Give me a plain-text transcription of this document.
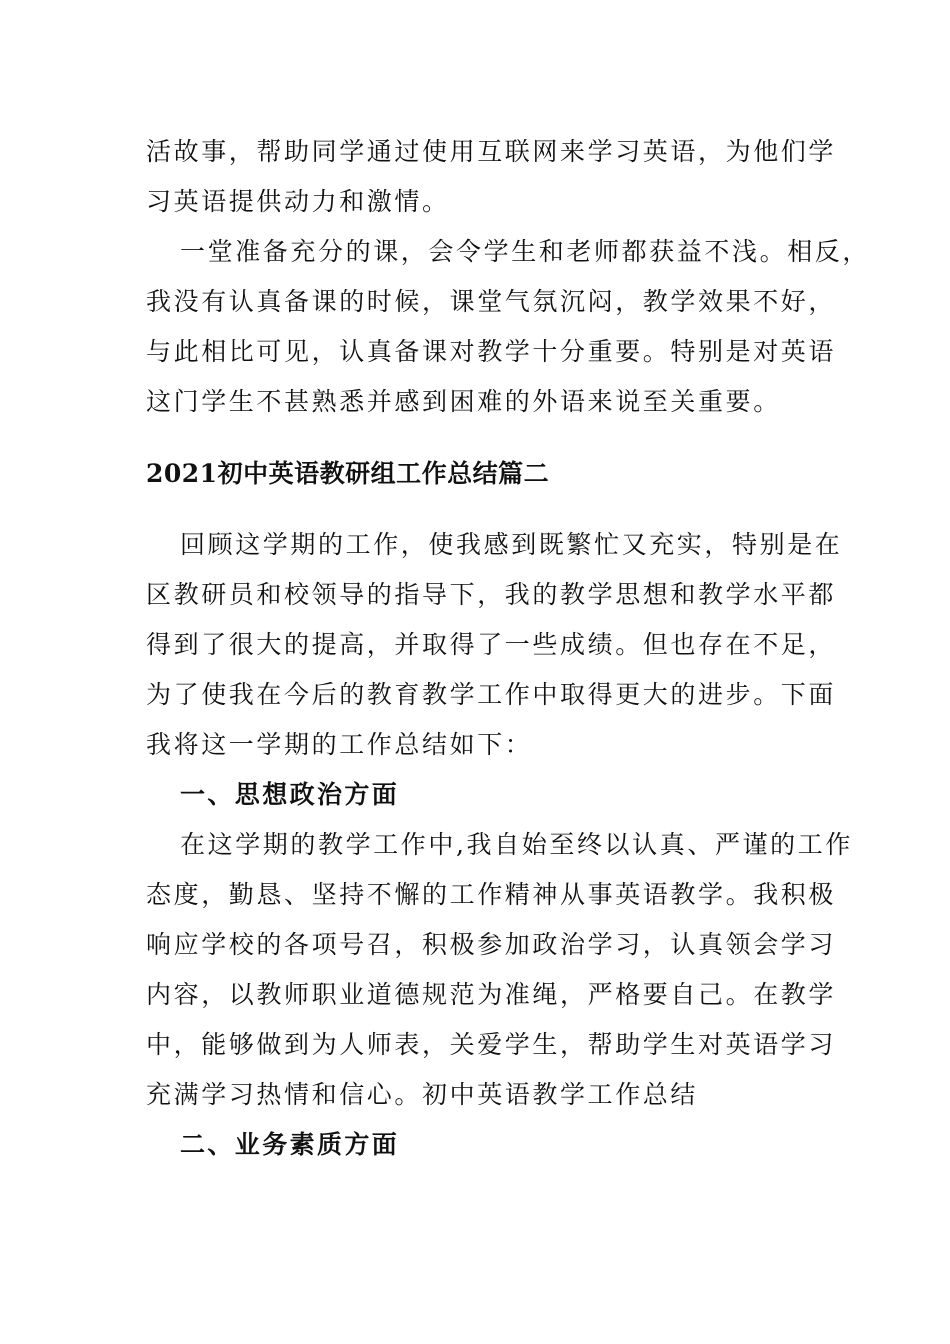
活故事，帮助同学通过使用互联网来学习英语，为他们学
习英语提供动力和激情。
一堂准备充分的课，会令学生和老师都获益不浅。相反，
我没有认真备课的时候，课堂气氛沉闷，教学效果不好，
与此相比可见，认真备课对教学十分重要。特别是对英语
这门学生不甚熟悉并感到困难的外语来说至关重要。
2021初中英语教研组工作总结篇二
回顾这学期的工作，使我感到既繁忙又充实，特别是在
区教研员和校领导的指导下，我的教学思想和教学水平都
得到了很大的提高，并取得了一些成绩。但也存在不足，
为了使我在今后的教育教学工作中取得更大的进步。下面
我将这一学期的工作总结如下：
一、思想政治方面
在这学期的教学工作中,我自始至终以认真、严谨的工作
态度，勤恳、坚持不懈的工作精神从事英语教学。我积极
响应学校的各项号召，积极参加政治学习，认真领会学习
内容，以教师职业道德规范为准绳，严格要自己。在教学
中，能够做到为人师表，关爱学生，帮助学生对英语学习
充满学习热情和信心。初中英语教学工作总结
二、业务素质方面
